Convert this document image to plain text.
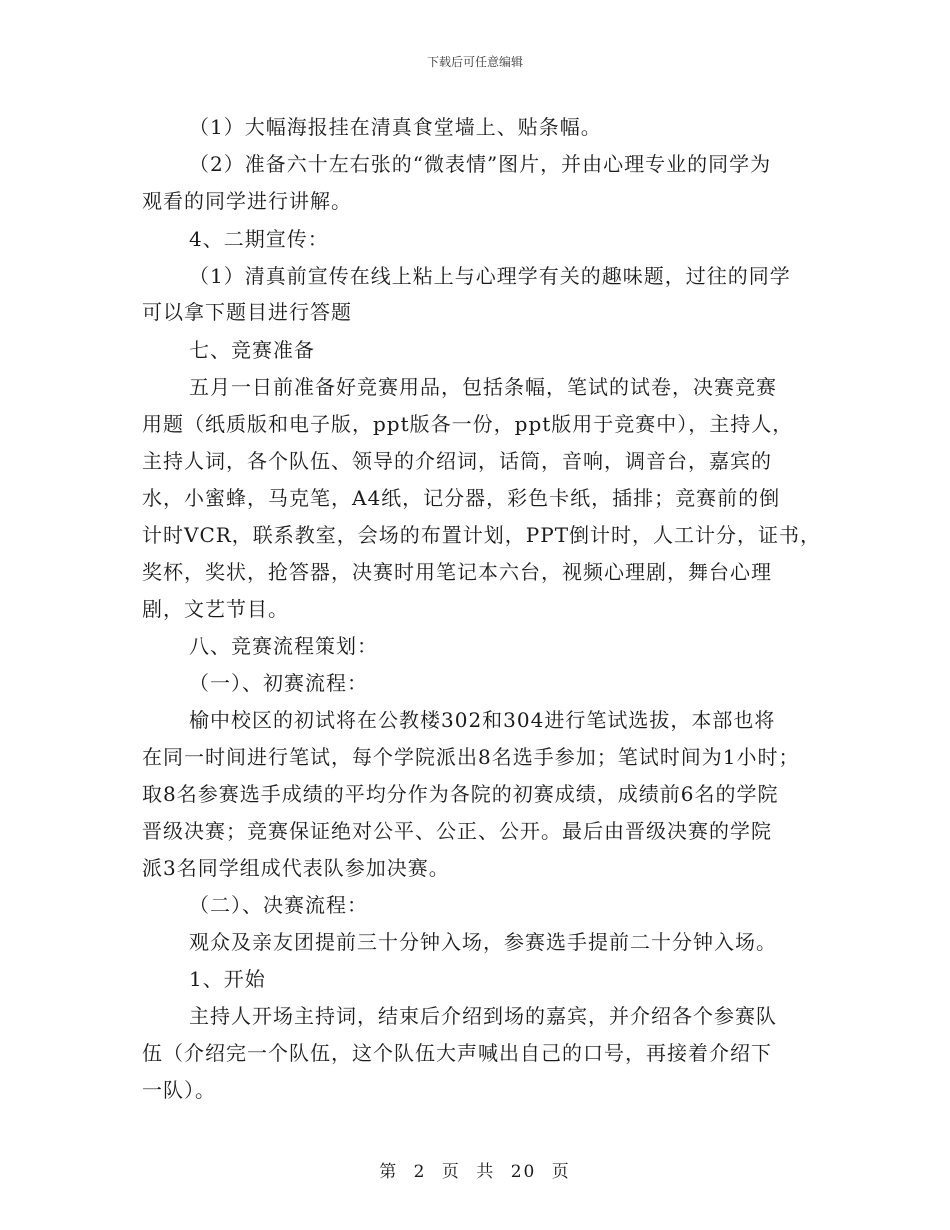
下载后可任意编辑
（1）大幅海报挂在清真食堂墙上、贴条幅。
（2）准备六十左右张的“微表情”图片，并由心理专业的同学为
观看的同学进行讲解。
4、二期宣传：
（1）清真前宣传在线上粘上与心理学有关的趣味题，过往的同学
可以拿下题目进行答题
七、竞赛准备
五月一日前准备好竞赛用品，包括条幅，笔试的试卷，决赛竞赛
用题（纸质版和电子版，ppt版各一份，ppt版用于竞赛中），主持人，
主持人词，各个队伍、领导的介绍词，话筒，音响，调音台，嘉宾的
水，小蜜蜂，马克笔，A4纸，记分器，彩色卡纸，插排；竞赛前的倒
计时VCR，联系教室，会场的布置计划，PPT倒计时，人工计分，证书，
奖杯，奖状，抢答器，决赛时用笔记本六台，视频心理剧，舞台心理
剧，文艺节目。
八、竞赛流程策划：
（一）、初赛流程：
榆中校区的初试将在公教楼302和304进行笔试选拔，本部也将
在同一时间进行笔试，每个学院派出8名选手参加；笔试时间为1小时；
取8名参赛选手成绩的平均分作为各院的初赛成绩，成绩前6名的学院
晋级决赛；竞赛保证绝对公平、公正、公开。最后由晋级决赛的学院
派3名同学组成代表队参加决赛。
（二）、决赛流程：
观众及亲友团提前三十分钟入场，参赛选手提前二十分钟入场。
1、开始
主持人开场主持词，结束后介绍到场的嘉宾，并介绍各个参赛队
伍（介绍完一个队伍，这个队伍大声喊出自己的口号，再接着介绍下
一队）。
第 2 页 共 20 页
